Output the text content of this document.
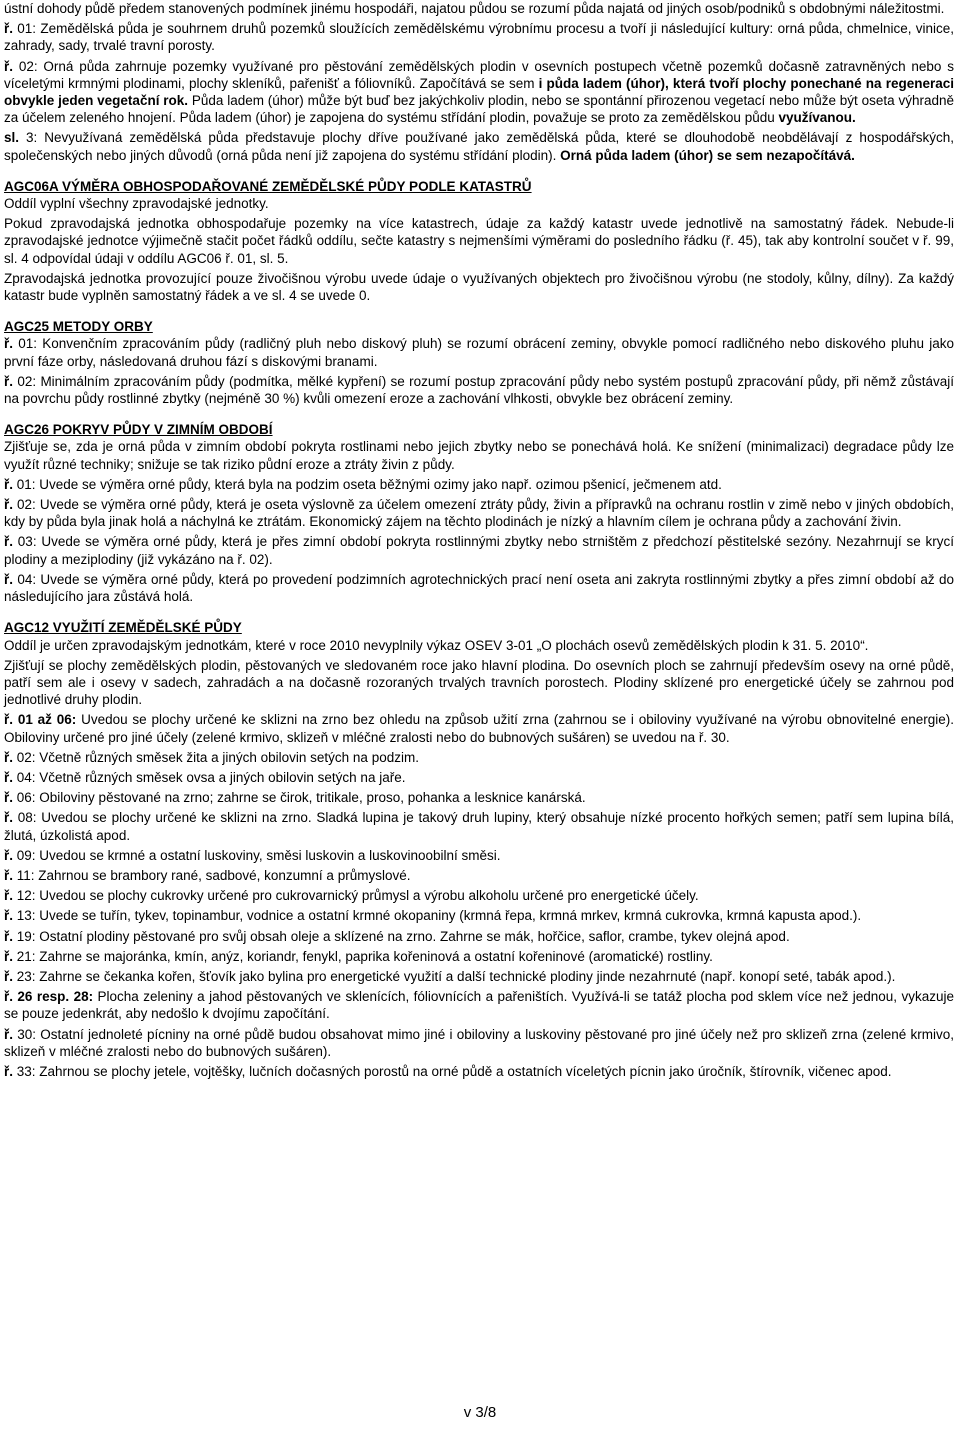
ústní dohody půdě předem stanovených podmínek jinému hospodáři, najatou půdou se rozumí půda najatá od jiných osob/podniků s obdobnými náležitostmi.

ř. 01: Zemědělská půda je souhrnem druhů pozemků sloužících zemědělskému výrobnímu procesu a tvoří ji následující kultury: orná půda, chmelnice, vinice, zahrady, sady, trvalé travní porosty.

ř. 02: Orná půda zahrnuje pozemky využívané pro pěstování zemědělských plodin v osevních postupech včetně pozemků dočasně zatravněných nebo s víceletými krmnými plodinami, plochy skleníků, pařenišť a fóliovníků. Započítává se sem i půda ladem (úhor), která tvoří plochy ponechané na regeneraci obvykle jeden vegetační rok. Půda ladem (úhor) může být buď bez jakýchkoliv plodin, nebo se spontánní přirozenou vegetací nebo může být oseta výhradně za účelem zeleného hnojení. Půda ladem (úhor) je zapojena do systému střídání plodin, považuje se proto za zemědělskou půdu využívanou.

sl. 3: Nevyužívaná zemědělská půda představuje plochy dříve používané jako zemědělská půda, které se dlouhodobě neobdělávají z hospodářských, společenských nebo jiných důvodů (orná půda není již zapojena do systému střídání plodin). Orná půda ladem (úhor) se sem nezapočítává.

AGC06A VÝMĚRA OBHOSPODAŘOVANÉ ZEMĚDĚLSKÉ PŮDY PODLE KATASTRŮ

Oddíl vyplní všechny zpravodajské jednotky.

Pokud zpravodajská jednotka obhospodařuje pozemky na více katastrech, údaje za každý katastr uvede jednotlivě na samostatný řádek. Nebude-li zpravodajské jednotce výjimečně stačit počet řádků oddílu, sečte katastry s nejmenšími výměrami do posledního řádku (ř. 45), tak aby kontrolní součet v ř. 99, sl. 4 odpovídal údaji v oddílu AGC06 ř. 01, sl. 5.

Zpravodajská jednotka provozující pouze živočišnou výrobu uvede údaje o využívaných objektech pro živočišnou výrobu (ne stodoly, kůlny, dílny). Za každý katastr bude vyplněn samostatný řádek a ve sl. 4 se uvede 0.

AGC25 METODY ORBY

ř. 01: Konvenčním zpracováním půdy (radličný pluh nebo diskový pluh) se rozumí obrácení zeminy, obvykle pomocí radličného nebo diskového pluhu jako první fáze orby, následovaná druhou fází s diskovými branami.

ř. 02: Minimálním zpracováním půdy (podmítka, mělké kypření) se rozumí postup zpracování půdy nebo systém postupů zpracování půdy, při němž zůstávají na povrchu půdy rostlinné zbytky (nejméně 30 %) kvůli omezení eroze a zachování vlhkosti, obvykle bez obrácení zeminy.

AGC26 POKRYV PŮDY V ZIMNÍM OBDOBÍ

Zjišťuje se, zda je orná půda v zimním období pokryta rostlinami nebo jejich zbytky nebo se ponechává holá. Ke snížení (minimalizaci) degradace půdy lze využít různé techniky; snižuje se tak riziko půdní eroze a ztráty živin z půdy.

ř. 01: Uvede se výměra orné půdy, která byla na podzim oseta běžnými ozimy jako např. ozimou pšenicí, ječmenem atd.

ř. 02: Uvede se výměra orné půdy, která je oseta výslovně za účelem omezení ztráty půdy, živin a přípravků na ochranu rostlin v zimě nebo v jiných obdobích, kdy by půda byla jinak holá a náchylná ke ztrátám. Ekonomický zájem na těchto plodinách je nízký a hlavním cílem je ochrana půdy a zachování živin.

ř. 03: Uvede se výměra orné půdy, která je přes zimní období pokryta rostlinnými zbytky nebo strništěm z předchozí pěstitelské sezóny. Nezahrnují se krycí plodiny a meziplodiny (již vykázáno na ř. 02).

ř. 04: Uvede se výměra orné půdy, která po provedení podzimních agrotechnických prací není oseta ani zakryta rostlinnými zbytky a přes zimní období až do následujícího jara zůstává holá.

AGC12 VYUŽITÍ ZEMĚDĚLSKÉ PŮDY

Oddíl je určen zpravodajským jednotkám, které v roce 2010 nevyplnily výkaz OSEV 3-01 „O plochách osevů zemědělských plodin k 31. 5. 2010“.

Zjišťují se plochy zemědělských plodin, pěstovaných ve sledovaném roce jako hlavní plodina. Do osevních ploch se zahrnují především osevy na orné půdě, patří sem ale i osevy v sadech, zahradách a na dočasně rozoraných trvalých travních porostech. Plodiny sklízené pro energetické účely se zahrnou pod jednotlivé druhy plodin.

ř. 01 až 06: Uvedou se plochy určené ke sklizni na zrno bez ohledu na způsob užití zrna (zahrnou se i obiloviny využívané na výrobu obnovitelné energie). Obiloviny určené pro jiné účely (zelené krmivo, sklizeň v mléčné zralosti nebo do bubnových sušáren) se uvedou na ř. 30.

ř. 02: Včetně různých směsek žita a jiných obilovin setých na podzim.

ř. 04: Včetně různých směsek ovsa a jiných obilovin setých na jaře.

ř. 06: Obiloviny pěstované na zrno; zahrne se čirok, tritikale, proso, pohanka a lesknice kanárská.

ř. 08: Uvedou se plochy určené ke sklizni na zrno. Sladká lupina je takový druh lupiny, který obsahuje nízké procento hořkých semen; patří sem lupina bílá, žlutá, úzkolistá apod.

ř. 09: Uvedou se krmné a ostatní luskoviny, směsi luskovin a luskovinoobilní směsi.

ř. 11: Zahrnou se brambory rané, sadbové, konzumní a průmyslové.

ř. 12: Uvedou se plochy cukrovky určené pro cukrovarnický průmysl a výrobu alkoholu určené pro energetické účely.

ř. 13: Uvede se tuřín, tykev, topinambur, vodnice a ostatní krmné okopaniny (krmná řepa, krmná mrkev, krmná cukrovka, krmná kapusta apod.).

ř. 19: Ostatní plodiny pěstované pro svůj obsah oleje a sklízené na zrno. Zahrne se mák, hořčice, saflor, crambe, tykev olejná apod.

ř. 21: Zahrne se majoránka, kmín, anýz, koriandr, fenykl, paprika kořeninová a ostatní kořeninové (aromatické) rostliny.

ř. 23: Zahrne se čekanka kořen, šťovík jako bylina pro energetické využití a další technické plodiny jinde nezahrnuté (např. konopí seté, tabák apod.).

ř. 26 resp. 28: Plocha zeleniny a jahod pěstovaných ve sklenících, fóliovnících a pařeništích. Využívá-li se tatáž plocha pod sklem více než jednou, vykazuje se pouze jedenkrát, aby nedošlo k dvojímu započítání.

ř. 30: Ostatní jednoleté pícniny na orné půdě budou obsahovat mimo jiné i obiloviny a luskoviny pěstované pro jiné účely než pro sklizeň zrna (zelené krmivo, sklizeň v mléčné zralosti nebo do bubnových sušáren).

ř. 33: Zahrnou se plochy jetele, vojtěšky, lučních dočasných porostů na orné půdě a ostatních víceletých pícnin jako úročník, štírovník, vičenec apod.

v 3/8
